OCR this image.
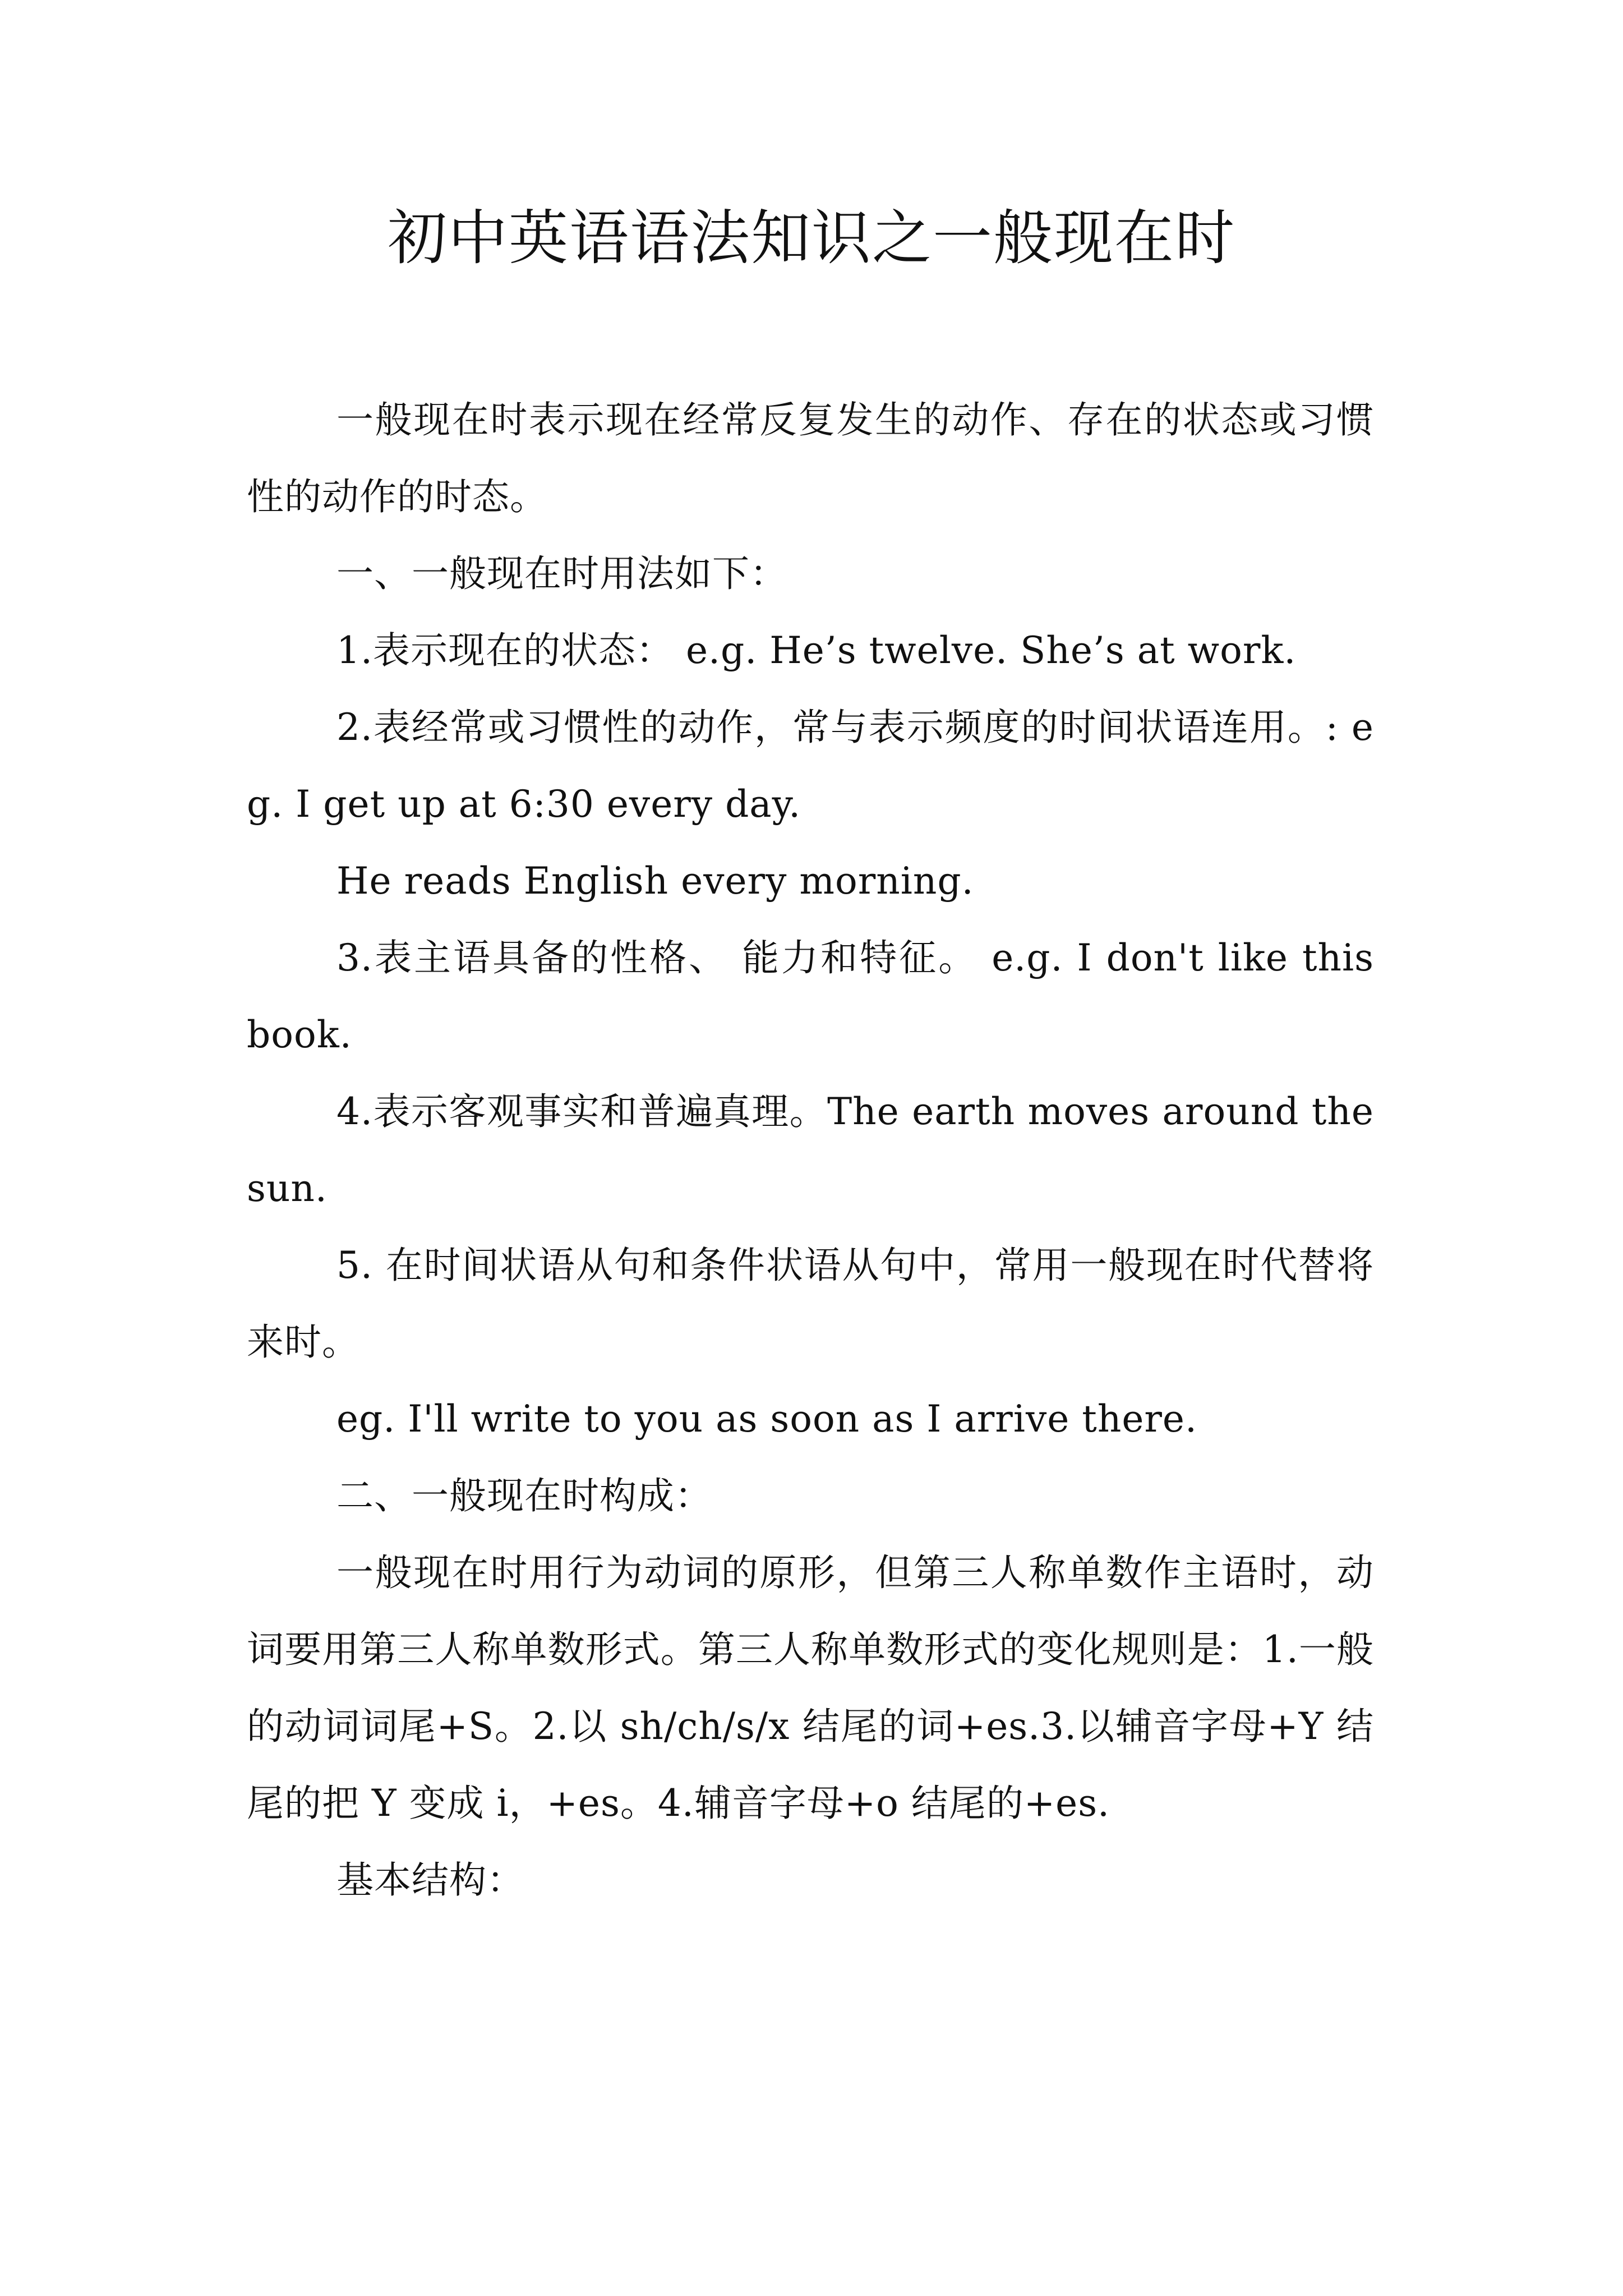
初中英语语法知识之一般现在时

一般现在时表示现在经常反复发生的动作、存在的状态或习惯性的动作的时态。

一、一般现在时用法如下：

1.表示现在的状态： e.g. He’s twelve. She’s at work.

2.表经常或习惯性的动作，常与表示频度的时间状语连用。: eg. I get up at 6:30 every day.

He reads English every morning.

3.表主语具备的性格、 能力和特征。 e.g. I don't like this book.

4.表示客观事实和普遍真理。The earth moves around the sun.

5. 在时间状语从句和条件状语从句中，常用一般现在时代替将来时。

eg. I'll write to you as soon as I arrive there.

二、一般现在时构成：

一般现在时用行为动词的原形，但第三人称单数作主语时，动词要用第三人称单数形式。第三人称单数形式的变化规则是：1.一般的动词词尾+S。2.以 sh/ch/s/x 结尾的词+es.3.以辅音字母+Y 结尾的把 Y 变成 i，+es。4.辅音字母+o 结尾的+es.

基本结构：
